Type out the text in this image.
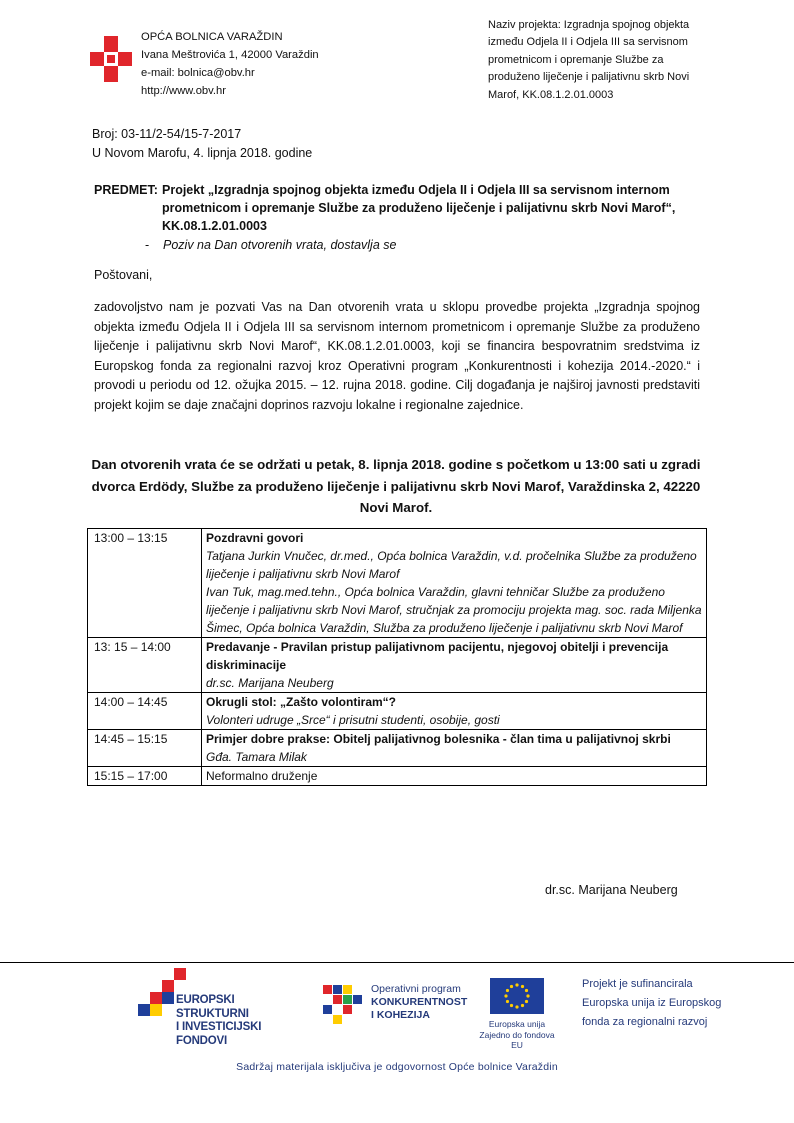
OPĆA BOLNICA VARAŽDIN
Ivana Meštrovića 1, 42000 Varaždin
e-mail: bolnica@obv.hr
http://www.obv.hr
Naziv projekta: Izgradnja spojnog objekta
između Odjela II i Odjela III sa servisnom
prometnicom i opremanje Službe za
produženo liječenje i palijativnu skrb Novi
Marof, KK.08.1.2.01.0003
Broj: 03-11/2-54/15-7-2017
U Novom Marofu, 4. lipnja 2018. godine
PREDMET: Projekt „Izgradnja spojnog objekta između Odjela II i Odjela III sa servisnom internom prometnicom i opremanje Službe za produženo liječenje i palijativnu skrb Novi Marof“, KK.08.1.2.01.0003
- Poziv na Dan otvorenih vrata, dostavlja se
Poštovani,
zadovoljstvo nam je pozvati Vas na Dan otvorenih vrata u sklopu provedbe projekta „Izgradnja spojnog objekta između Odjela II i Odjela III sa servisnom internom prometnicom i opremanje Službe za produženo liječenje i palijativnu skrb Novi Marof“, KK.08.1.2.01.0003, koji se financira bespovratnim sredstvima iz Europskog fonda za regionalni razvoj kroz Operativni program „Konkurentnosti i kohezija 2014.-2020.“ i provodi u periodu od 12. ožujka 2015. – 12. rujna 2018. godine. Cilj događanja je najširoj javnosti predstaviti projekt kojim se daje značajni doprinos razvoju lokalne i regionalne zajednice.
Dan otvorenih vrata će se održati u petak, 8. lipnja 2018. godine s početkom u 13:00 sati u zgradi dvorca Erdödy, Službe za produženo liječenje i palijativnu skrb Novi Marof, Varaždinska 2, 42220 Novi Marof.
13:00 – 13:15	Pozdravni govori
Tatjana Jurkin Vnučec, dr.med., Opća bolnica Varaždin, v.d. pročelnika Službe za produženo liječenje i palijativnu skrb Novi Marof
Ivan Tuk, mag.med.tehn., Opća bolnica Varaždin, glavni tehničar Službe za produženo liječenje i palijativnu skrb Novi Marof, stručnjak za promociju projekta mag. soc. rada Miljenka Šimec, Opća bolnica Varaždin, Služba za produženo liječenje i palijativnu skrb Novi Marof

13: 15 – 14:00	Predavanje - Pravilan pristup palijativnom pacijentu, njegovoj obitelji i prevencija diskriminacije
dr.sc. Marijana Neuberg

14:00 – 14:45	Okrugli stol: „Zašto volontiram“?
Volonteri udruge „Srce“ i prisutni studenti, osobije, gosti

14:45 – 15:15	Primjer dobre prakse: Obitelj palijativnog bolesnika - član tima u palijativnoj skrbi
Gđa. Tamara Milak

15:15 – 17:00	Neformalno druženje
dr.sc. Marijana Neuberg
EUROPSKI STRUKTURNI
I INVESTICIJSKI FONDOVI
Operativni program
KONKURENTNOST
I KOHEZIJA
Europska unija
Zajedno do fondova EU
Projekt je sufinancirala
Europska unija iz Europskog
fonda za regionalni razvoj
Sadržaj materijala isključiva je odgovornost Opće bolnice Varaždin
